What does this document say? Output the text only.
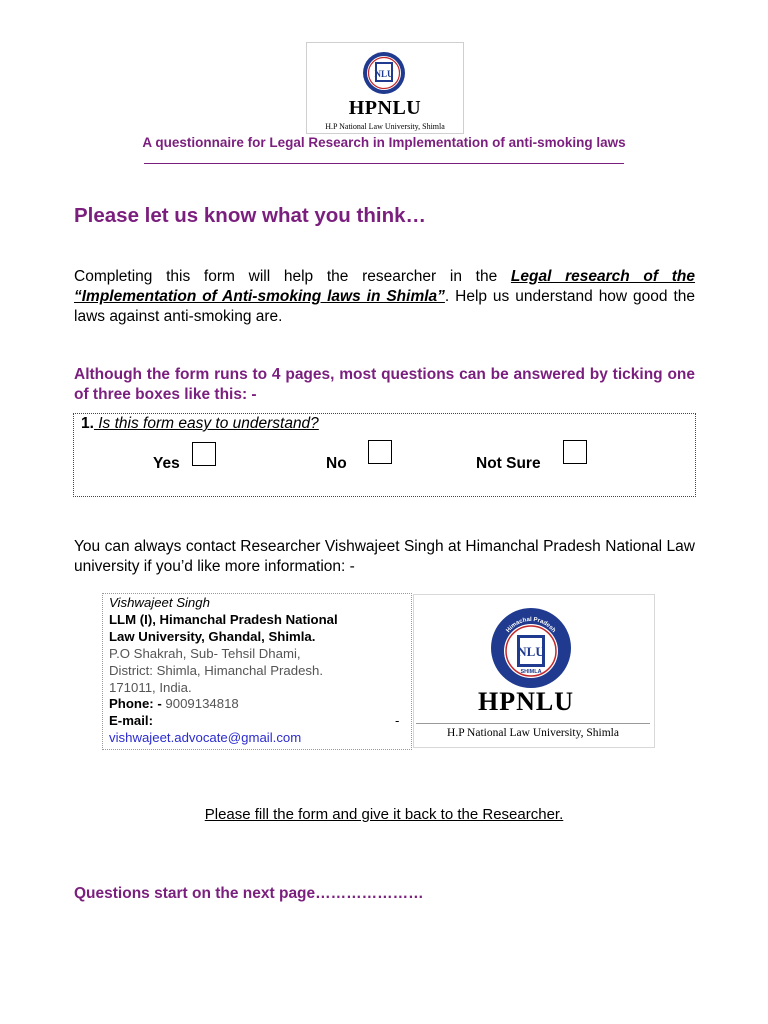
NLU
HPNLU
H.P National Law University, Shimla
A questionnaire for Legal Research in Implementation of anti-smoking laws
Please let us know what you think…
Completing this form will help the researcher in the Legal research of the “Implementation of Anti-smoking laws in Shimla”. Help us understand how good the laws against anti-smoking are.
Although the form runs to 4 pages, most questions can be answered by ticking one of three boxes like this: -
1. Is this form easy to understand?
Yes	No	Not Sure
You can always contact Researcher Vishwajeet Singh at Himanchal Pradesh National Law university if you’d like more information: -
Vishwajeet Singh
LLM (I), Himanchal Pradesh National
Law University, Ghandal, Shimla.
P.O Shakrah, Sub- Tehsil Dhami,
District: Shimla, Himanchal Pradesh.
171011, India.
Phone: - 9009134818
E-mail:	-
vishwajeet.advocate@gmail.com
Himachal Pradesh
NLU
SHIMLA
HPNLU
H.P National Law University, Shimla
Please fill the form and give it back to the Researcher.
Questions start on the next page…………………
